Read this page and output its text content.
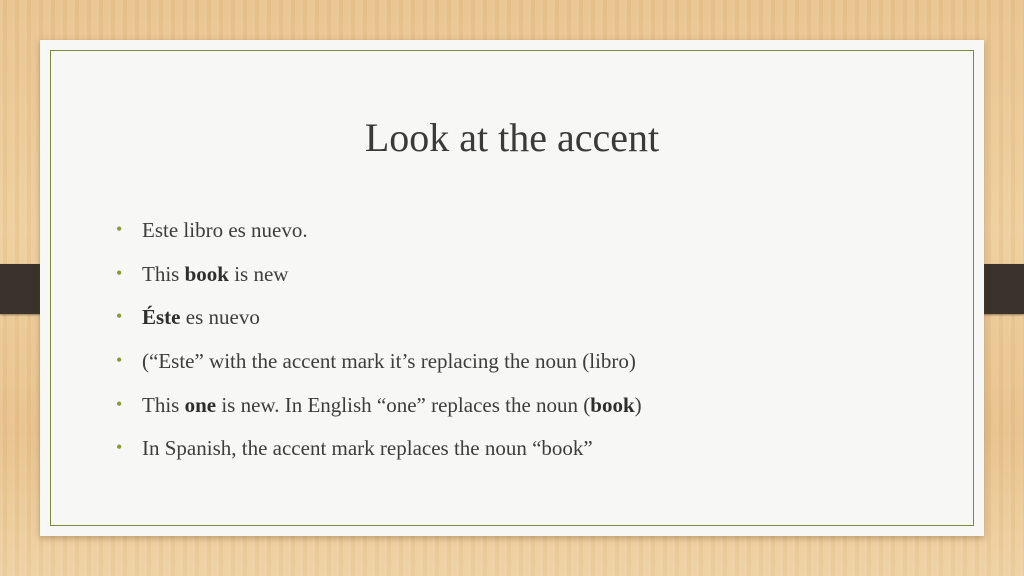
Look at the accent
•
Este libro es nuevo.
•
This book is new
•
Éste es nuevo
•
(“Este” with the accent mark it’s replacing the noun (libro)
•
This one is new. In English “one” replaces the noun (book)
•
In Spanish, the accent mark replaces the noun “book”
